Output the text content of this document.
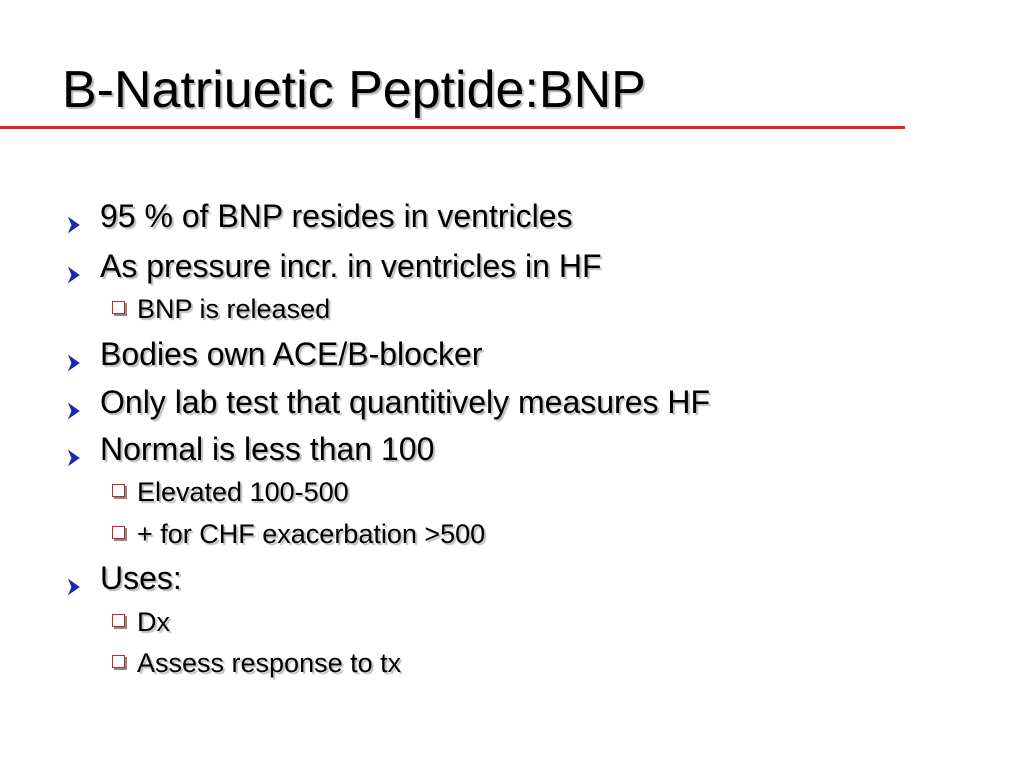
B-Natriuetic Peptide:BNP
95 % of BNP resides in ventricles
As pressure incr. in ventricles in HF
BNP is released
Bodies own ACE/B-blocker
Only lab test that quantitively measures HF
Normal is less than 100
Elevated 100-500
+ for CHF exacerbation >500
Uses:
Dx
Assess response to tx
